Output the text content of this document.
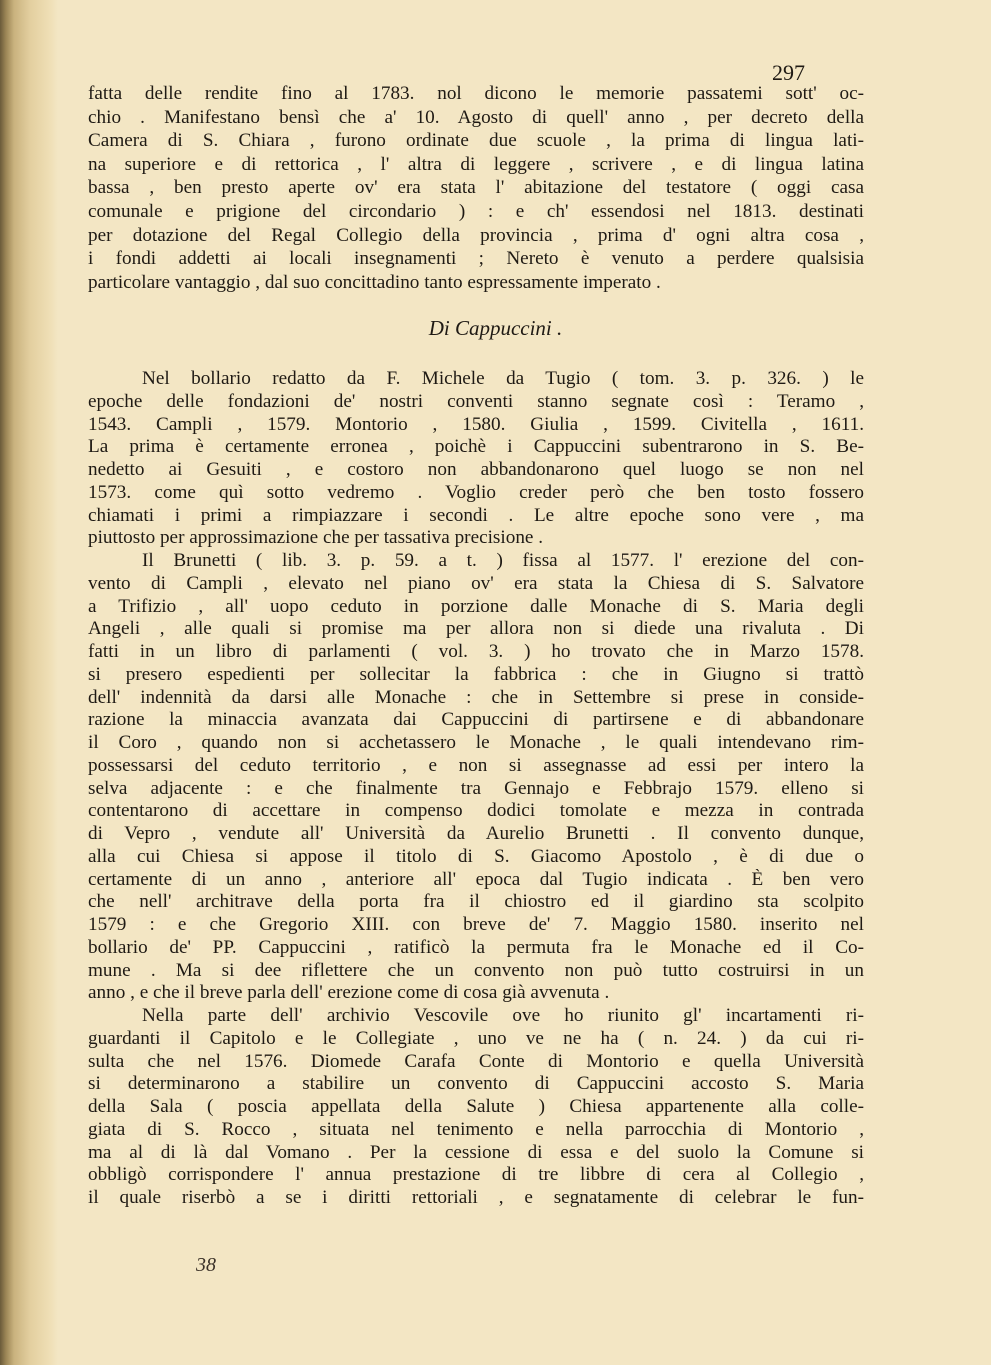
297
fatta delle rendite fino al 1783. nol dicono le memorie passatemi sott' oc-
chio . Manifestano bensì che a' 10. Agosto di quell' anno , per decreto della
Camera di S. Chiara , furono ordinate due scuole , la prima di lingua lati-
na superiore e di rettorica , l' altra di leggere , scrivere , e di lingua latina
bassa , ben presto aperte ov' era stata l' abitazione del testatore ( oggi casa
comunale e prigione del circondario ) : e ch' essendosi nel 1813. destinati
per dotazione del Regal Collegio della provincia , prima d' ogni altra cosa ,
i fondi addetti ai locali insegnamenti ; Nereto è venuto a perdere qualsisia
particolare vantaggio , dal suo concittadino tanto espressamente imperato .
Di Cappuccini .
Nel bollario redatto da F. Michele da Tugio ( tom. 3. p. 326. ) le
epoche delle fondazioni de' nostri conventi stanno segnate così : Teramo ,
1543. Campli , 1579. Montorio , 1580. Giulia , 1599. Civitella , 1611.
La prima è certamente erronea , poichè i Cappuccini subentrarono in S. Be-
nedetto ai Gesuiti , e costoro non abbandonarono quel luogo se non nel
1573. come quì sotto vedremo . Voglio creder però che ben tosto fossero
chiamati i primi a rimpiazzare i secondi . Le altre epoche sono vere , ma
piuttosto per approssimazione che per tassativa precisione .
Il Brunetti ( lib. 3. p. 59. a t. ) fissa al 1577. l' erezione del con-
vento di Campli , elevato nel piano ov' era stata la Chiesa di S. Salvatore
a Trifizio , all' uopo ceduto in porzione dalle Monache di S. Maria degli
Angeli , alle quali si promise ma per allora non si diede una rivaluta . Di
fatti in un libro di parlamenti ( vol. 3. ) ho trovato che in Marzo 1578.
si presero espedienti per sollecitar la fabbrica : che in Giugno si trattò
dell' indennità da darsi alle Monache : che in Settembre si prese in conside-
razione la minaccia avanzata dai Cappuccini di partirsene e di abbandonare
il Coro , quando non si acchetassero le Monache , le quali intendevano rim-
possessarsi del ceduto territorio , e non si assegnasse ad essi per intero la
selva adjacente : e che finalmente tra Gennajo e Febbrajo 1579. elleno si
contentarono di accettare in compenso dodici tomolate e mezza in contrada
di Vepro , vendute all' Università da Aurelio Brunetti . Il convento dunque,
alla cui Chiesa si appose il titolo di S. Giacomo Apostolo , è di due o
certamente di un anno , anteriore all' epoca dal Tugio indicata . È ben vero
che nell' architrave della porta fra il chiostro ed il giardino sta scolpito
1579 : e che Gregorio XIII. con breve de' 7. Maggio 1580. inserito nel
bollario de' PP. Cappuccini , ratificò la permuta fra le Monache ed il Co-
mune . Ma si dee riflettere che un convento non può tutto costruirsi in un
anno , e che il breve parla dell' erezione come di cosa già avvenuta .
Nella parte dell' archivio Vescovile ove ho riunito gl' incartamenti ri-
guardanti il Capitolo e le Collegiate , uno ve ne ha ( n. 24. ) da cui ri-
sulta che nel 1576. Diomede Carafa Conte di Montorio e quella Università
si determinarono a stabilire un convento di Cappuccini accosto S. Maria
della Sala ( poscia appellata della Salute ) Chiesa appartenente alla colle-
giata di S. Rocco , situata nel tenimento e nella parrocchia di Montorio ,
ma al di là dal Vomano . Per la cessione di essa e del suolo la Comune si
obbligò corrispondere l' annua prestazione di tre libbre di cera al Collegio ,
il quale riserbò a se i diritti rettoriali , e segnatamente di celebrar le fun-
38
